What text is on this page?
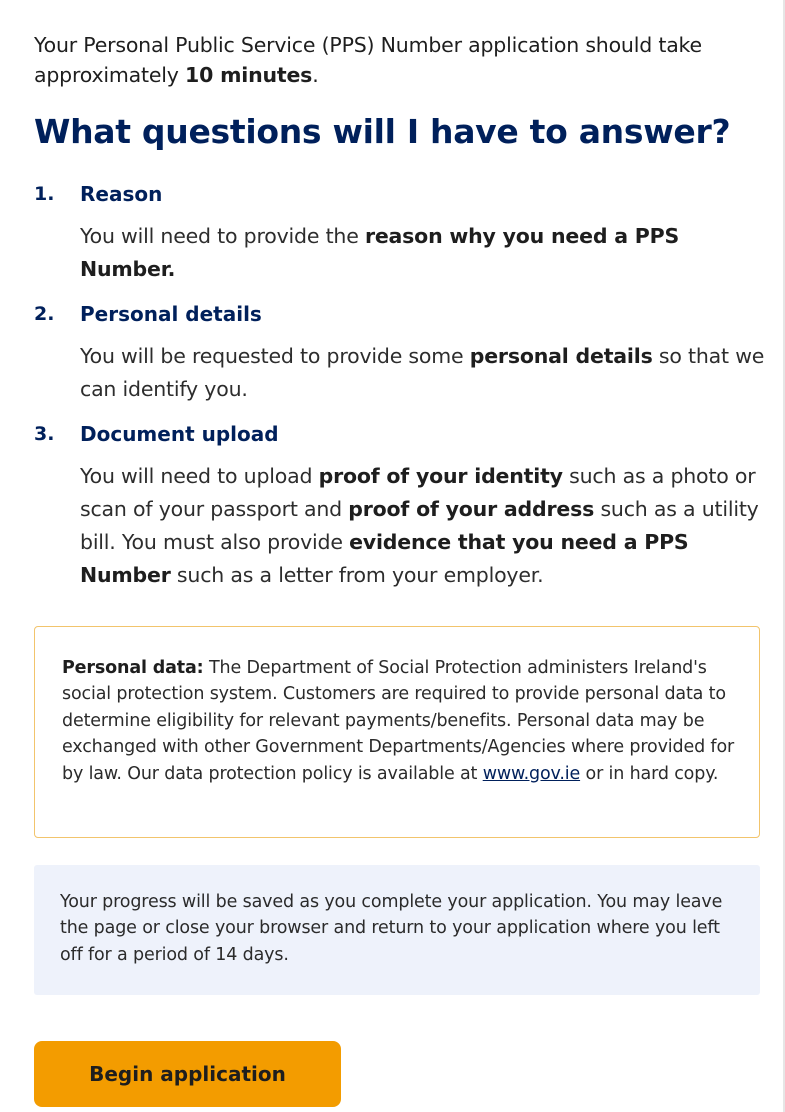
Your Personal Public Service (PPS) Number application should take approximately 10 minutes.

What questions will I have to answer?
1. Reason
You will need to provide the reason why you need a PPS Number.
2. Personal details
You will be requested to provide some personal details so that we can identify you.
3. Document upload
You will need to upload proof of your identity such as a photo or scan of your passport and proof of your address such as a utility bill. You must also provide evidence that you need a PPS Number such as a letter from your employer.

Personal data: The Department of Social Protection administers Ireland's social protection system. Customers are required to provide personal data to determine eligibility for relevant payments/benefits. Personal data may be exchanged with other Government Departments/Agencies where provided for by law. Our data protection policy is available at www.gov.ie or in hard copy.

Your progress will be saved as you complete your application. You may leave the page or close your browser and return to your application where you left off for a period of 14 days.

Begin application
